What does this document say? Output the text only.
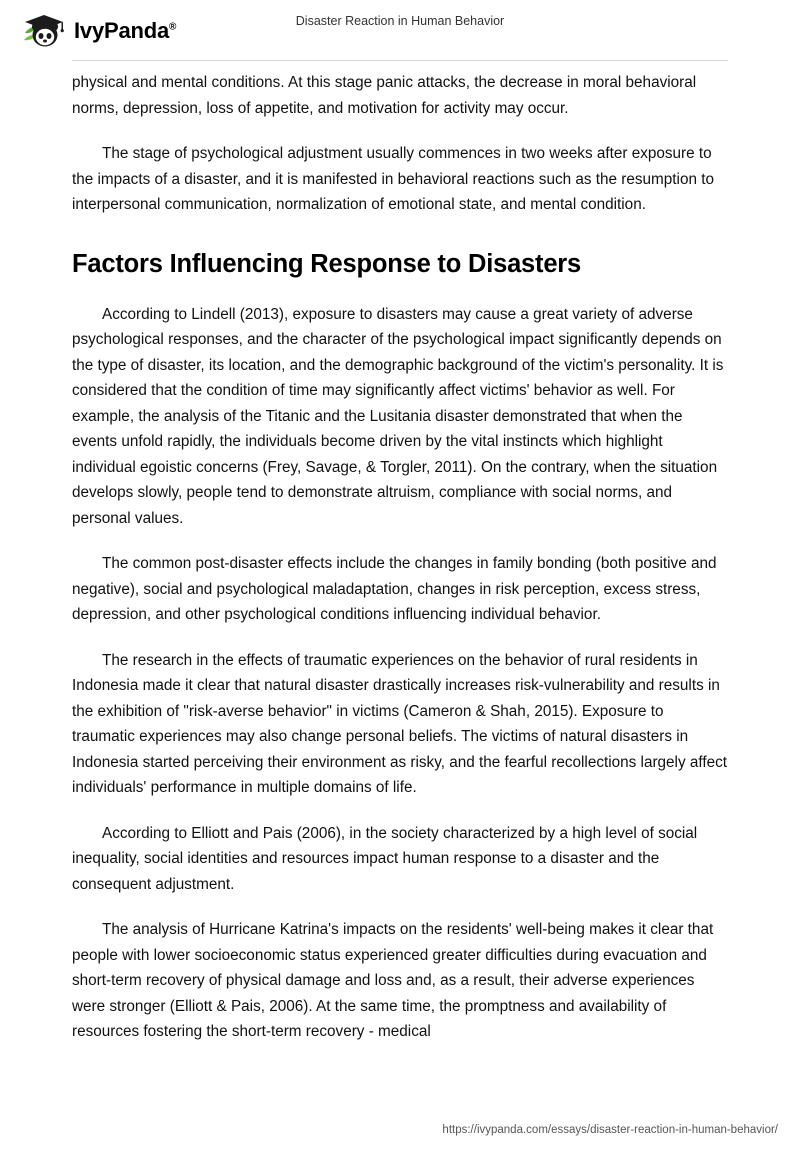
IvyPanda®	Disaster Reaction in Human Behavior

physical and mental conditions. At this stage panic attacks, the decrease in moral behavioral norms, depression, loss of appetite, and motivation for activity may occur.

The stage of psychological adjustment usually commences in two weeks after exposure to the impacts of a disaster, and it is manifested in behavioral reactions such as the resumption to interpersonal communication, normalization of emotional state, and mental condition.

Factors Influencing Response to Disasters

According to Lindell (2013), exposure to disasters may cause a great variety of adverse psychological responses, and the character of the psychological impact significantly depends on the type of disaster, its location, and the demographic background of the victim's personality. It is considered that the condition of time may significantly affect victims' behavior as well. For example, the analysis of the Titanic and the Lusitania disaster demonstrated that when the events unfold rapidly, the individuals become driven by the vital instincts which highlight individual egoistic concerns (Frey, Savage, & Torgler, 2011). On the contrary, when the situation develops slowly, people tend to demonstrate altruism, compliance with social norms, and personal values.

The common post-disaster effects include the changes in family bonding (both positive and negative), social and psychological maladaptation, changes in risk perception, excess stress, depression, and other psychological conditions influencing individual behavior.

The research in the effects of traumatic experiences on the behavior of rural residents in Indonesia made it clear that natural disaster drastically increases risk-vulnerability and results in the exhibition of "risk-averse behavior" in victims (Cameron & Shah, 2015). Exposure to traumatic experiences may also change personal beliefs. The victims of natural disasters in Indonesia started perceiving their environment as risky, and the fearful recollections largely affect individuals' performance in multiple domains of life.

According to Elliott and Pais (2006), in the society characterized by a high level of social inequality, social identities and resources impact human response to a disaster and the consequent adjustment.

The analysis of Hurricane Katrina's impacts on the residents' well-being makes it clear that people with lower socioeconomic status experienced greater difficulties during evacuation and short-term recovery of physical damage and loss and, as a result, their adverse experiences were stronger (Elliott & Pais, 2006). At the same time, the promptness and availability of resources fostering the short-term recovery - medical

https://ivypanda.com/essays/disaster-reaction-in-human-behavior/
